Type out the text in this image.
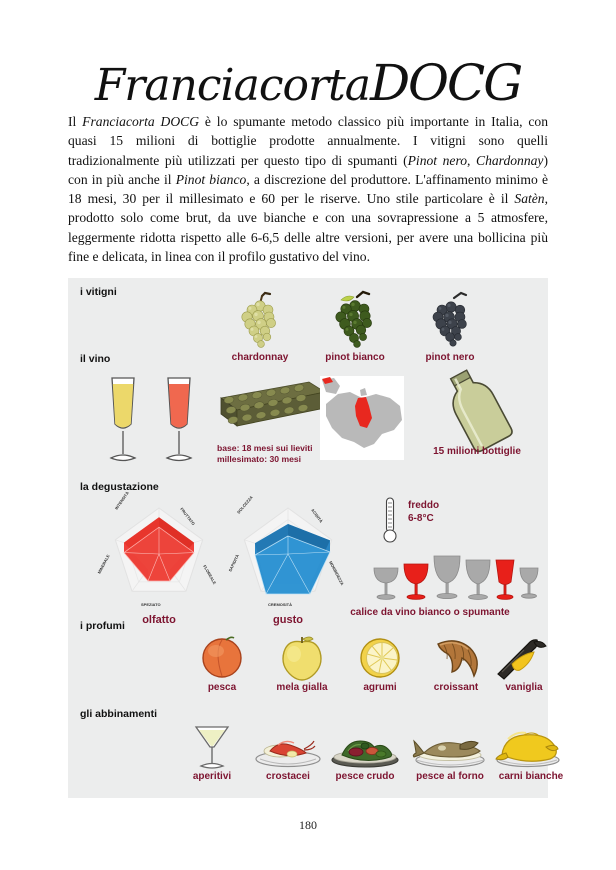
FranciacortaDOCG
Il Franciacorta DOCG è lo spumante metodo classico più importante in Italia, con quasi 15 milioni di bottiglie prodotte annualmente. I vitigni sono quelli tradizionalmente più utilizzati per questo tipo di spumanti (Pinot nero, Chardonnay) con in più anche il Pinot bianco, a discrezione del produttore. L'affinamento minimo è 18 mesi, 30 per il millesimato e 60 per le riserve. Uno stile particolare è il Satèn, prodotto solo come brut, da uve bianche e con una sovrapressione a 5 atmosfere, leggermente ridotta rispetto alle 6-6,5 delle altre versioni, per avere una bollicina più fine e delicata, in linea con il profilo gustativo del vino.
i vitigni
chardonnay	pinot bianco	pinot nero
il vino
base: 18 mesi sui lieviti
millesimato: 30 mesi
15 milioni bottiglie
la degustazione
INTENSITÀ
FRUTTATO
FLOREALE
SPEZIATO
MINERALE
olfatto
DOLCEZZA
ACIDITÀ
MORBIDEZZA
CREMOSITÀ
SAPIDITÀ
gusto
freddo
6-8°C
calice da vino bianco o spumante
i profumi
pesca	mela gialla	agrumi	croissant	vaniglia
gli abbinamenti
aperitivi	crostacei	pesce crudo	pesce al forno	carni bianche
180
